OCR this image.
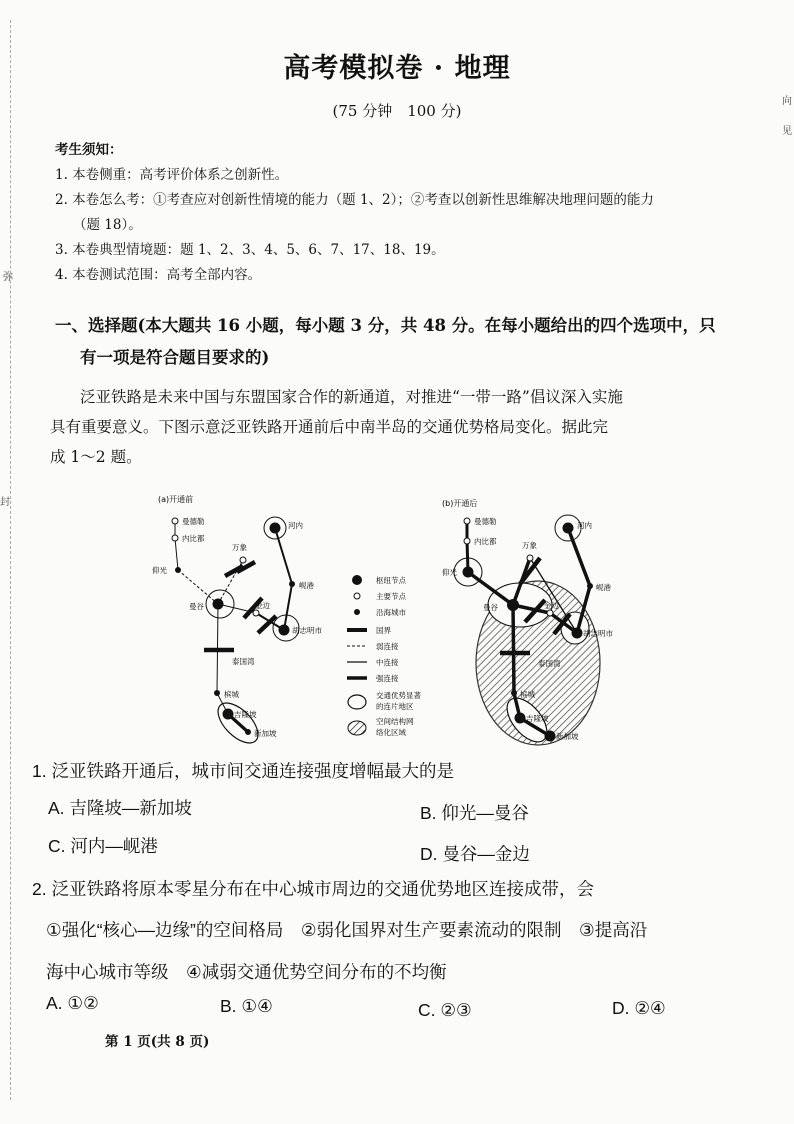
弥
封
向
见
高考模拟卷 · 地理
(75 分钟　100 分)
考生须知：
1. 本卷侧重：高考评价体系之创新性。
2. 本卷怎么考：①考查应对创新性情境的能力（题 1、2）；②考查以创新性思维解决地理问题的能力
（题 18）。
3. 本卷典型情境题：题 1、2、3、4、5、6、7、17、18、19。
4. 本卷测试范围：高考全部内容。
一、选择题(本大题共 16 小题，每小题 3 分，共 48 分。在每小题给出的四个选项中，只
有一项是符合题目要求的)
泛亚铁路是未来中国与东盟国家合作的新通道，对推进“一带一路”倡议深入实施
具有重要意义。下图示意泛亚铁路开通前后中南半岛的交通优势格局变化。据此完
成 1～2 题。
(a)开通前
曼德勒
内比都
仰光
万象
河内
岘港
曼谷	金边
胡志明市
泰国湾
槟城
吉隆坡
新加坡
枢纽节点
主要节点
沿海城市
国界
弱连接
中连接
强连接
交通优势显著
的连片地区
空间结构网
络化区域
(b)开通后
曼德勒
内比都
仰光
万象
河内
岘港
曼谷	金边
胡志明市
泰国湾
槟城
吉隆坡
新加坡
1. 泛亚铁路开通后，城市间交通连接强度增幅最大的是
A. 吉隆坡—新加坡	B. 仰光—曼谷
C. 河内—岘港	D. 曼谷—金边
2. 泛亚铁路将原本零星分布在中心城市周边的交通优势地区连接成带，会
①强化“核心—边缘”的空间格局　②弱化国界对生产要素流动的限制　③提高沿
海中心城市等级　④减弱交通优势空间分布的不均衡
A. ①②	B. ①④	C. ②③	D. ②④
第 1 页(共 8 页)
